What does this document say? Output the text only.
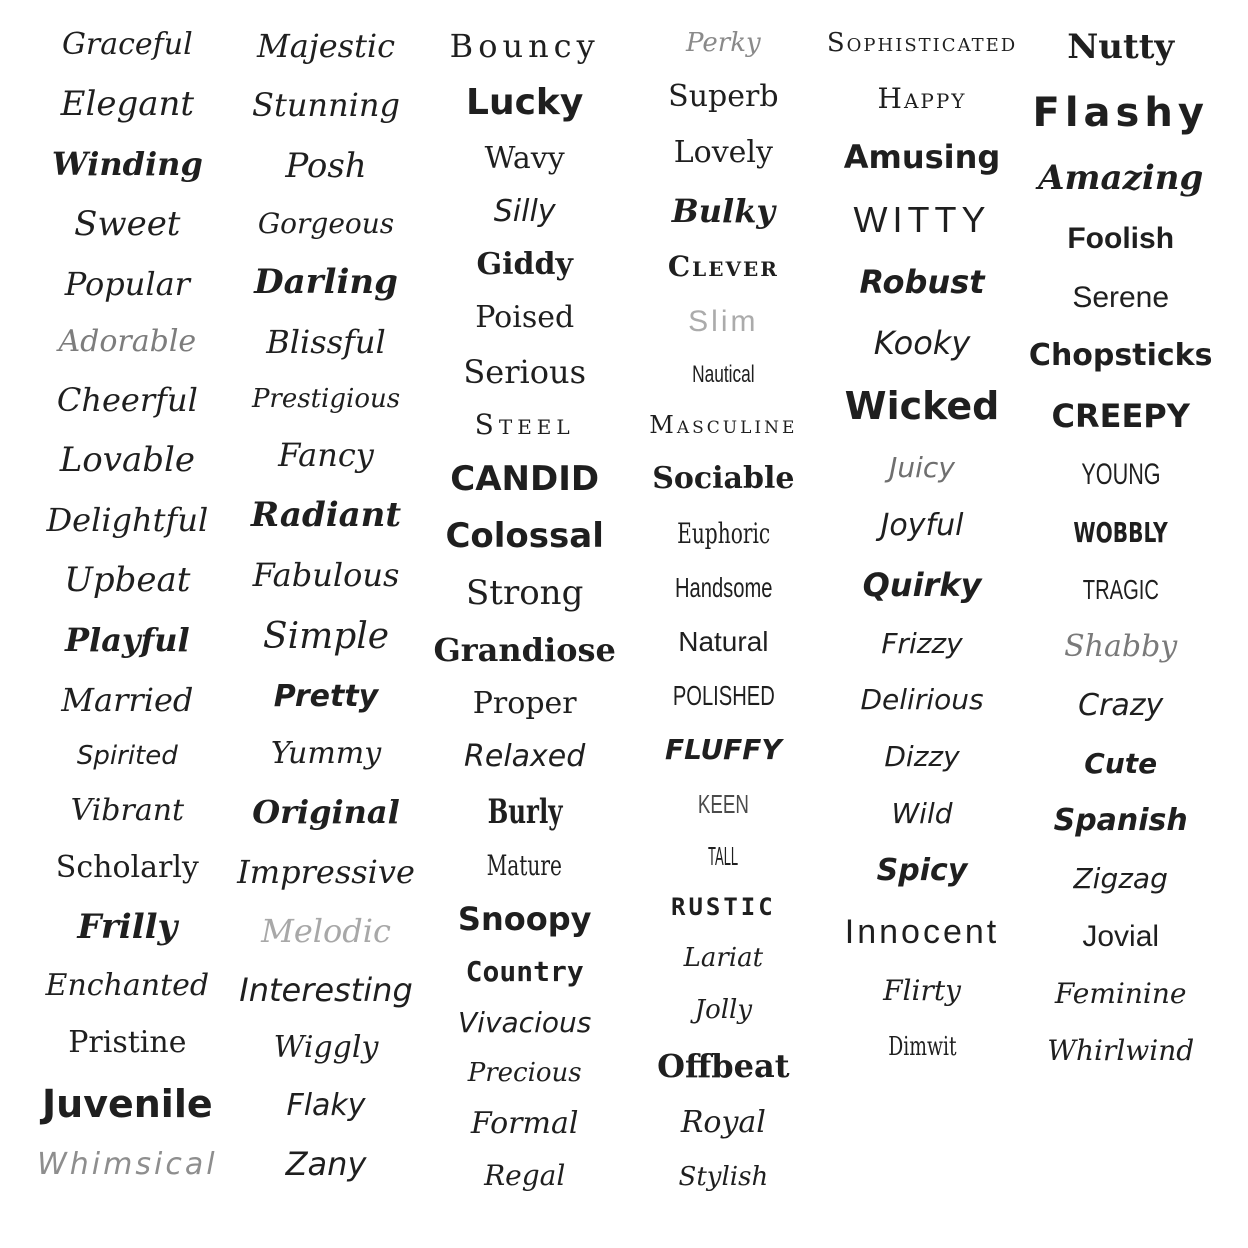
Graceful
Elegant
Winding
Sweet
Popular
Adorable
Cheerful
Lovable
Delightful
Upbeat
Playful
Married
Spirited
Vibrant
Scholarly
Frilly
Enchanted
Pristine
Juvenile
Whimsical
Majestic
Stunning
Posh
Gorgeous
Darling
Blissful
Prestigious
Fancy
Radiant
Fabulous
Simple
Pretty
Yummy
Original
Impressive
Melodic
Interesting
Wiggly
Flaky
Zany
Bouncy
Lucky
Wavy
Silly
Giddy
Poised
Serious
Steel
CANDID
Colossal
Strong
Grandiose
Proper
Relaxed
Burly
Mature
Snoopy
Country
Vivacious
Precious
Formal
Regal
Perky
Superb
Lovely
Bulky
Clever
Slim
Nautical
Masculine
Sociable
Euphoric
Handsome
Natural
POLISHED
FLUFFY
KEEN
TALL
RUSTIC
Lariat
Jolly
Offbeat
Royal
Stylish
Sophisticated
Happy
Amusing
WITTY
Robust
Kooky
Wicked
Juicy
Joyful
Quirky
Frizzy
Delirious
Dizzy
Wild
Spicy
Innocent
Flirty
Dimwit
Nutty
Flashy
Amazing
Foolish
Serene
Chopsticks
CREEPY
YOUNG
WOBBLY
TRAGIC
Shabby
Crazy
Cute
Spanish
Zigzag
Jovial
Feminine
Whirlwind
